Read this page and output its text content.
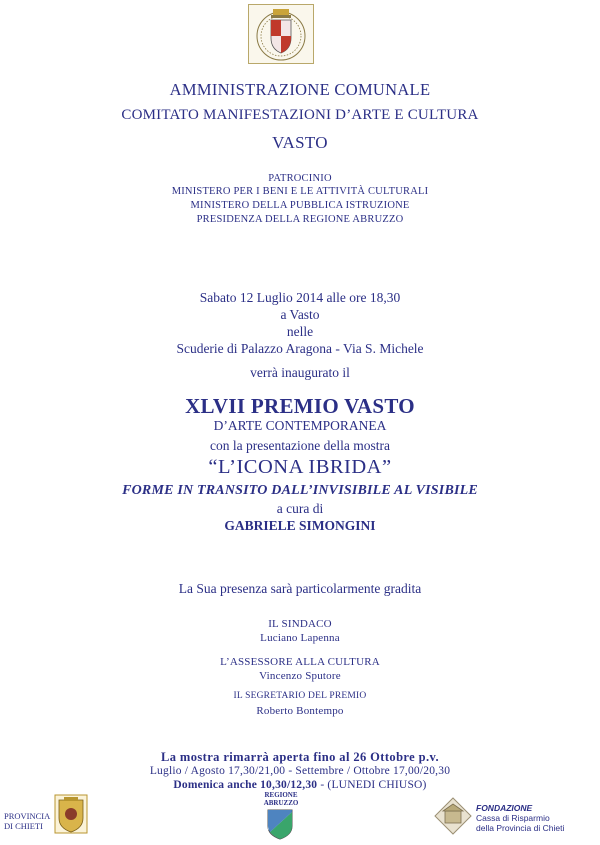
AMMINISTRAZIONE COMUNALE
COMITATO MANIFESTAZIONI D’ARTE E CULTURA
VASTO
PATROCINIO
MINISTERO PER I BENI E LE ATTIVITÀ CULTURALI
MINISTERO DELLA PUBBLICA ISTRUZIONE
PRESIDENZA DELLA REGIONE ABRUZZO
Sabato 12 Luglio 2014 alle ore 18,30
a Vasto
nelle
Scuderie di Palazzo Aragona - Via S. Michele
verrà inaugurato il
XLVII PREMIO VASTO
D’ARTE CONTEMPORANEA
con la presentazione della mostra
“L’ICONA IBRIDA”
FORME IN TRANSITO DALL’INVISIBILE AL VISIBILE
a cura di
GABRIELE SIMONGINI
La Sua presenza sarà particolarmente gradita
IL SINDACO
Luciano Lapenna
L’ASSESSORE ALLA CULTURA
Vincenzo Sputore
IL SEGRETARIO DEL PREMIO
Roberto Bontempo
La mostra rimarrà aperta fino al 26 Ottobre p.v.
Luglio / Agosto 17,30/21,00 - Settembre / Ottobre 17,00/20,30
Domenica anche 10,30/12,30 - (LUNEDI CHIUSO)
PROVINCIA
DI CHIETI
REGIONE
ABRUZZO	FONDAZIONE
Cassa di Risparmio
della Provincia di Chieti
